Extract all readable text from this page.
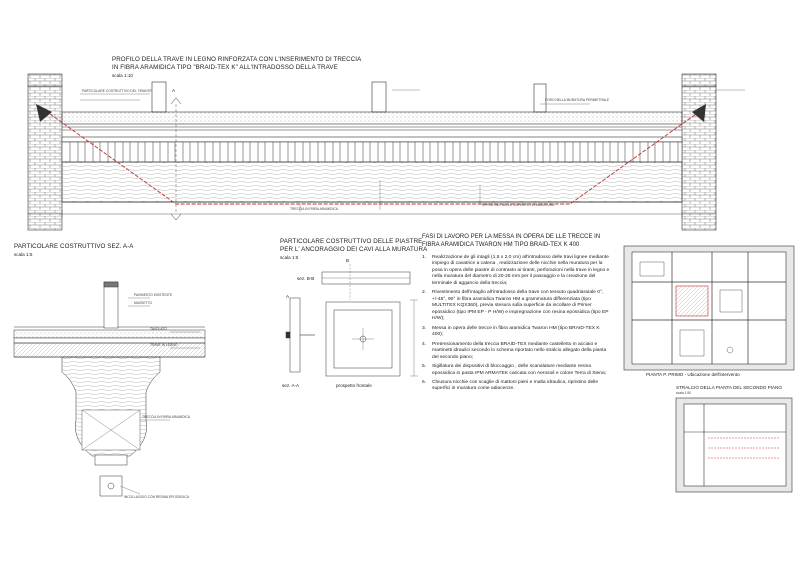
PROFILO DELLA TRAVE IN LEGNO RINFORZATA CON L'INSERIMENTO DI TRECCIA

IN FIBRA ARAMIDICA TIPO "BRAID-TEX K" ALL'INTRADOSSO DELLA TRAVE

scala 1:10

A

PARTICOLARE COSTRUTTIVO DEL TIRANTE

TRECCIA IN FIBRA ARAMIDICA

FORO NELLA MURATURA PERIMETRALE

RIPRISTINO DELLE SUPERFICI IN MURATURA

PARTICOLARE COSTRUTTIVO SEZ. A-A

scala 1:5

PAVIMENTO ESISTENTE

MASSETTO

TAVOLATO

TRAVE IN LEGNO

TRECCIA IN FIBRA ARAMIDICA

INCOLLAGGIO CON RESINA EPOSSIDICA

PARTICOLARE COSTRUTTIVO DELLE PIASTRE

PER L' ANCORAGGIO DEI CAVI ALLA MURATURA

scala 1:5

sez. B-B

sez. A-A	prospetto frontale

B

A

FASI DI LAVORO PER LA MESSA IN OPERA DE LLE TRECCE IN
FIBRA ARAMIDICA TWARON HM TIPO BRAID-TEX K 400

1. Realizzazione de gli intagli (1,5 x 2,0 cm) all'intradosso delle travi lignee mediante impiego di cavatrice a catena , realizzazione delle nicchie nella muratura per la posa in opera delle piastre di contrasto ai tiranti, perforazioni nella trave in legno e nella muratura del diametro di 20-25 mm per il passaggio e la creazione del terminale di aggancio della treccia;
2. Rivestimento dell'intaglio all'intradosso della trave con tessuto quadriassiale 0°, +/-45°, 90° in fibra aramidica Twaron HM a grammatura differenziata (tipo MULTITEX KQX360), previa stesura sulla superficie da incollare di Primer epossidico (tipo IPM EP - P H/W) e impregnazione con resina epossidica (tipo EP H/W);
3. Messa in opera delle trecce in fibra aramidica Twaron HM (tipo BRAID-TEX K 400);
4. Pretensionamento della treccia BRAID-TEX mediante castelletto in acciaio e martinetti idraulici secondo lo schema riportato nello stralcio allegato della pianta del secondo piano;
5. Sigillatura dei dispositivi di bloccaggio , delle scanalature mediante resina epossidica in pasta IPM ARMATEK caricata con Aerosoil e colore Terra di Siena;
6. Chiusura nicchie con scaglie di mattoni pieni e malta idraulica, ripristino delle superfici in muratura come adiacenze.

PIANTA P. PRIMO - Ubicazione dell'intervento

STRALCIO DELLA PIANTA DEL SECONDO PIANO

scala 1:50
